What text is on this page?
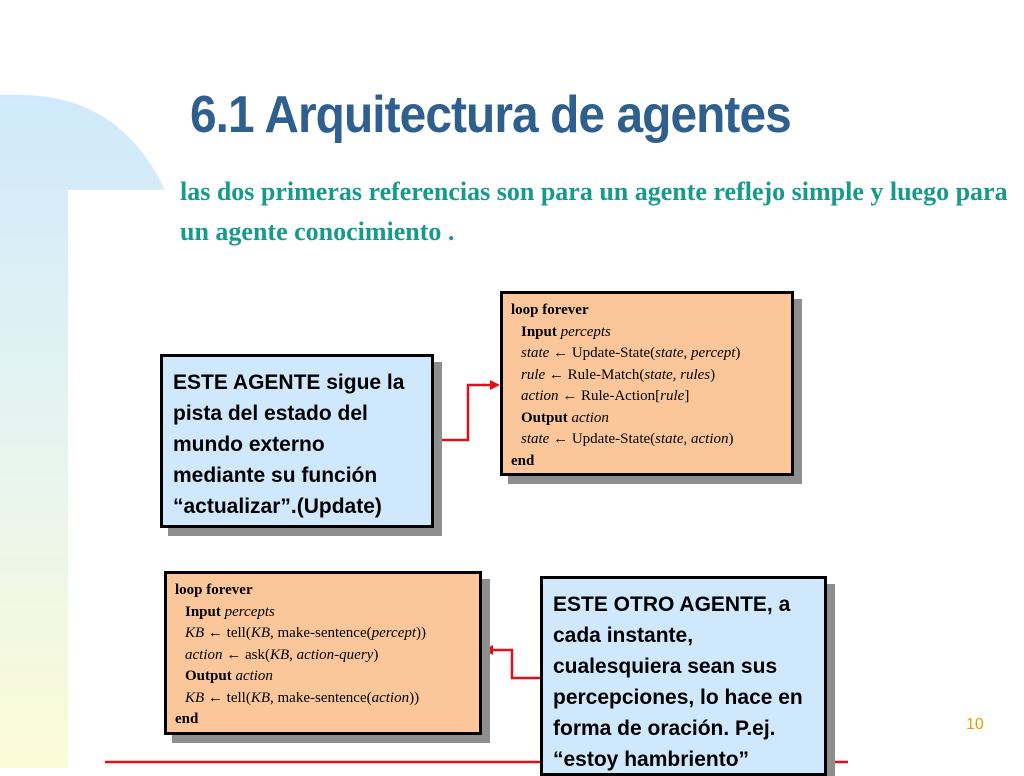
6.1 Arquitectura de agentes
las dos primeras referencias son para un agente reflejo simple y luego para un agente conocimiento .
ESTE AGENTE sigue la
pista del estado del
mundo externo
mediante su función
“actualizar”.(Update)
loop forever
Input percepts
state ← Update-State(state, percept)
rule ← Rule-Match(state, rules)
action ← Rule-Action[rule]
Output action
state ← Update-State(state, action)
end
loop forever
Input percepts
KB ← tell(KB, make-sentence(percept))
action ← ask(KB, action-query)
Output action
KB ← tell(KB, make-sentence(action))
end
ESTE OTRO AGENTE, a
cada instante,
cualesquiera sean sus
percepciones, lo hace en
forma de oración. P.ej.
“estoy hambriento”
10
